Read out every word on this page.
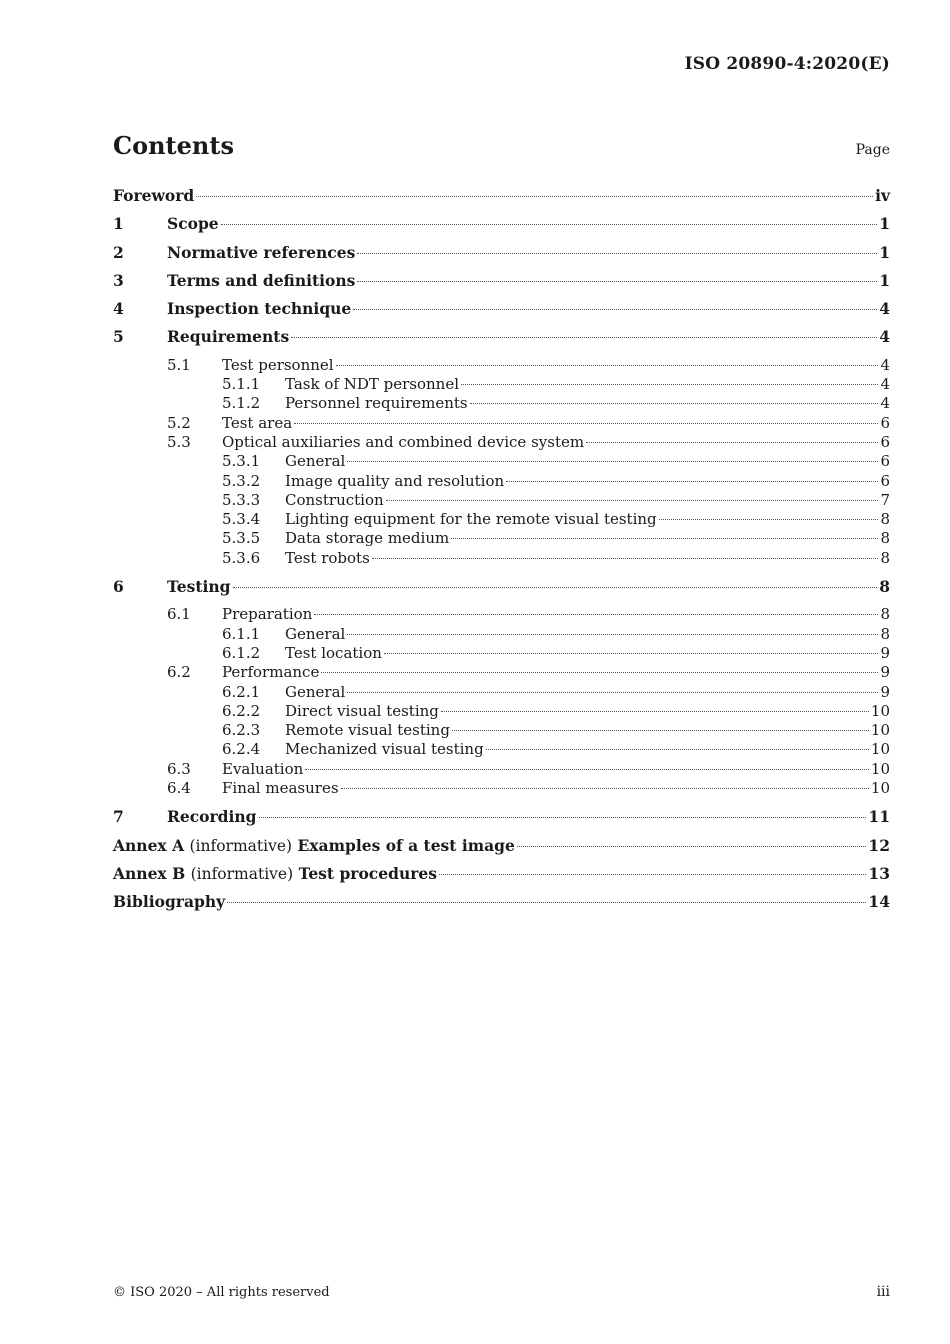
ISO 20890-4:2020(E)
Contents	Page
Foreword	iv
1	Scope	1
2	Normative references	1
3	Terms and definitions	1
4	Inspection technique	4
5	Requirements	4
5.1	Test personnel	4
5.1.1	Task of NDT personnel	4
5.1.2	Personnel requirements	4
5.2	Test area	6
5.3	Optical auxiliaries and combined device system	6
5.3.1	General	6
5.3.2	Image quality and resolution	6
5.3.3	Construction	7
5.3.4	Lighting equipment for the remote visual testing	8
5.3.5	Data storage medium	8
5.3.6	Test robots	8
6	Testing	8
6.1	Preparation	8
6.1.1	General	8
6.1.2	Test location	9
6.2	Performance	9
6.2.1	General	9
6.2.2	Direct visual testing	10
6.2.3	Remote visual testing	10
6.2.4	Mechanized visual testing	10
6.3	Evaluation	10
6.4	Final measures	10
7	Recording	11
Annex A (informative) Examples of a test image	12
Annex B (informative) Test procedures	13
Bibliography	14
© ISO 2020 – All rights reserved	iii
